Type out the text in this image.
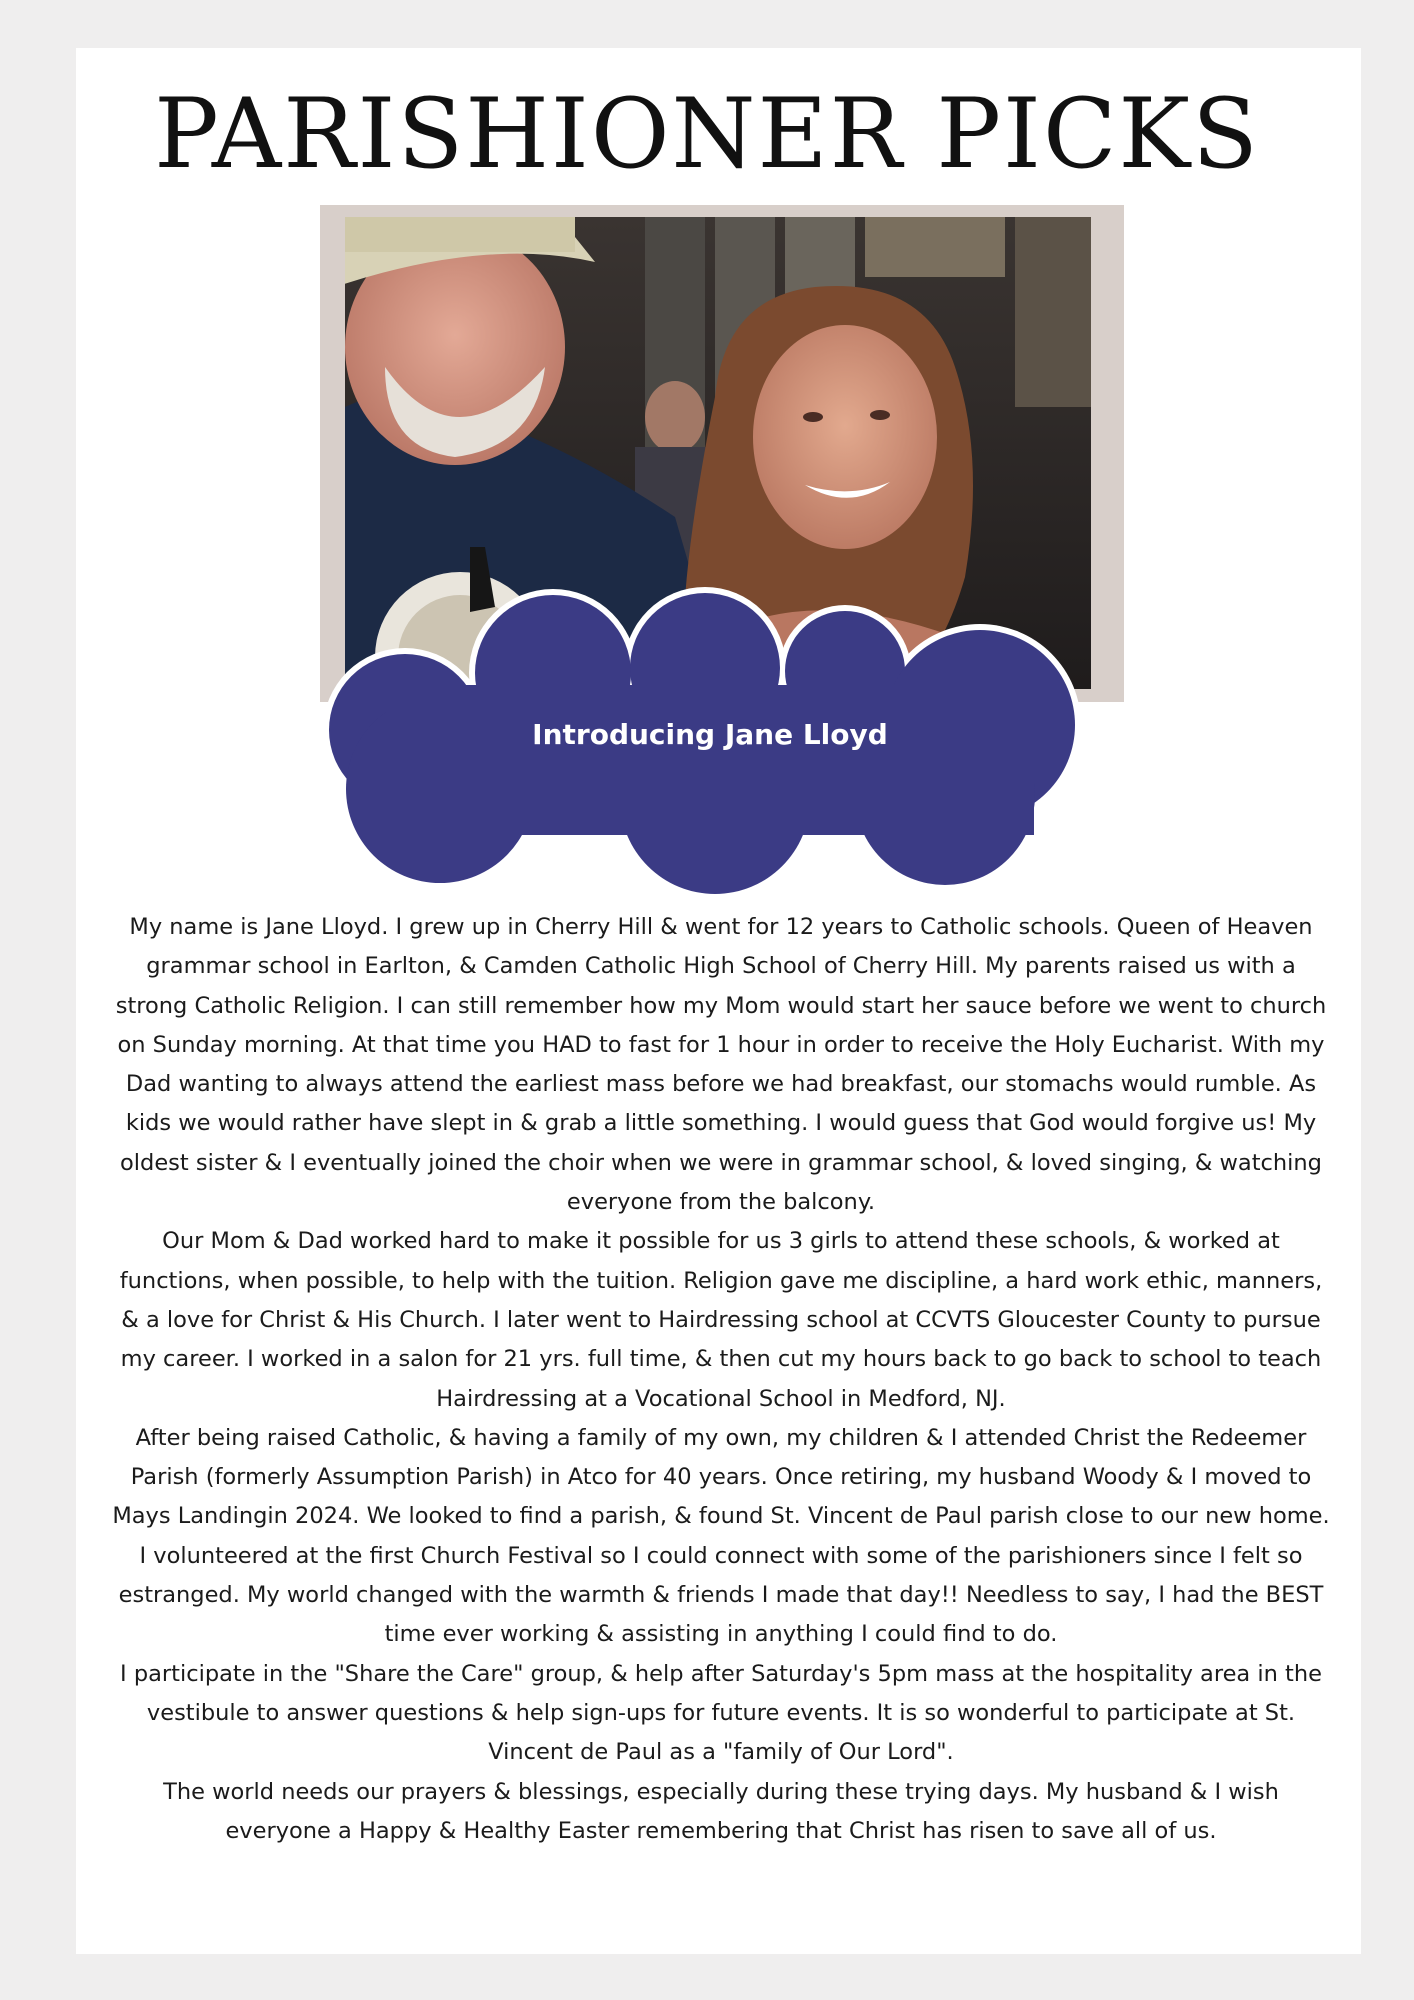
PARISHIONER PICKS
Introducing Jane Lloyd

My name is Jane Lloyd. I grew up in Cherry Hill & went for 12 years to Catholic schools. Queen of Heaven grammar school in Earlton, & Camden Catholic High School of Cherry Hill. My parents raised us with a strong Catholic Religion. I can still remember how my Mom would start her sauce before we went to church on Sunday morning. At that time you HAD to fast for 1 hour in order to receive the Holy Eucharist. With my Dad wanting to always attend the earliest mass before we had breakfast, our stomachs would rumble. As kids we would rather have slept in & grab a little something. I would guess that God would forgive us! My oldest sister & I eventually joined the choir when we were in grammar school, & loved singing, & watching everyone from the balcony.

Our Mom & Dad worked hard to make it possible for us 3 girls to attend these schools, & worked at functions, when possible, to help with the tuition. Religion gave me discipline, a hard work ethic, manners, & a love for Christ & His Church. I later went to Hairdressing school at CCVTS Gloucester County to pursue my career. I worked in a salon for 21 yrs. full time, & then cut my hours back to go back to school to teach Hairdressing at a Vocational School in Medford, NJ.

After being raised Catholic, & having a family of my own, my children & I attended Christ the Redeemer Parish (formerly Assumption Parish) in Atco for 40 years. Once retiring, my husband Woody & I moved to Mays Landingin 2024. We looked to find a parish, & found St. Vincent de Paul parish close to our new home. I volunteered at the first Church Festival so I could connect with some of the parishioners since I felt so estranged. My world changed with the warmth & friends I made that day!! Needless to say, I had the BEST time ever working & assisting in anything I could find to do.

I participate in the "Share the Care" group, & help after Saturday's 5pm mass at the hospitality area in the vestibule to answer questions & help sign-ups for future events. It is so wonderful to participate at St. Vincent de Paul as a "family of Our Lord".

The world needs our prayers & blessings, especially during these trying days. My husband & I wish everyone a Happy & Healthy Easter remembering that Christ has risen to save all of us.
